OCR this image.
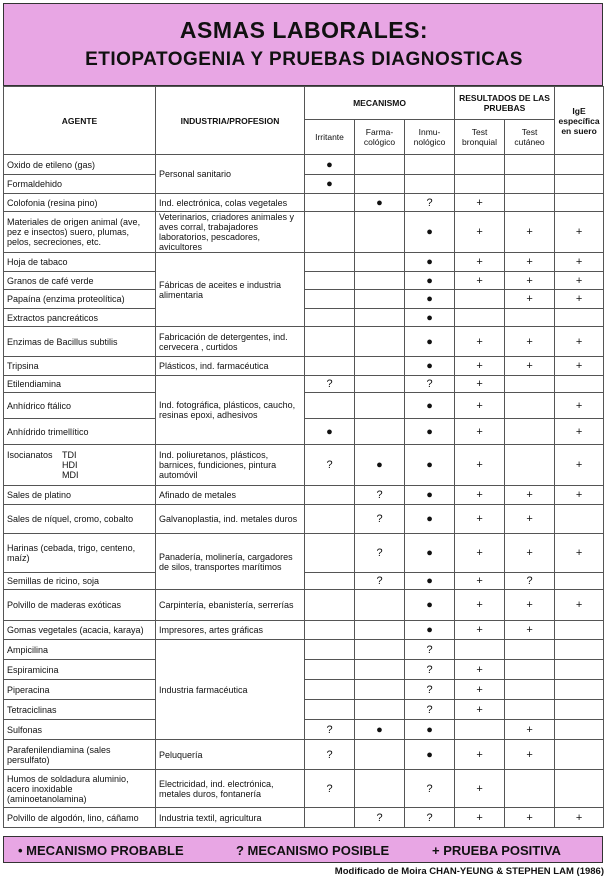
ASMAS LABORALES:
ETIOPATOGENIA Y PRUEBAS DIAGNOSTICAS
AGENTE	INDUSTRIA/PROFESION	MECANISMO			RESULTADOS DE LAS PRUEBAS		IgE específica en suero
		Irritante	Farma-cológico	Inmu-nológico	Test bronquial	Test cutáneo	
Oxido de etileno (gas)	Personal sanitario	●					
Formaldehido		●					
Colofonia (resina pino)	Ind. electrónica, colas vegetales		●	?	+		
Materiales de origen animal (ave, pez e insectos) suero, plumas, pelos, secreciones, etc.	Veterinarios, criadores animales y aves corral, trabajadores laboratorios, pescadores, avicultores			●	+	+	+
Hoja de tabaco	Fábricas de aceites e industria alimentaria			●	+	+	+
Granos de café verde				●	+	+	+
Papaína (enzima proteolítica)				●		+	+
Extractos pancreáticos				●			
Enzimas de Bacillus subtilis	Fabricación de detergentes, ind. cervecera , curtidos			●	+	+	+
Tripsina	Plásticos, ind. farmacéutica			●	+	+	+
Etilendiamina	Ind. fotográfica, plásticos, caucho, resinas epoxi, adhesivos	?		?	+		
Anhídrico ftálico				●	+		+
Anhídrido trimellítico		●		●	+		+

Isocianatos TDI
HDI
MDI	Ind. poliuretanos, plásticos, barnices, fundiciones, pintura automóvil	?	●	●	+		+
Sales de platino	Afinado de metales		?	●	+	+	+
Sales de níquel, cromo, cobalto	Galvanoplastia, ind. metales duros		?	●	+	+	
Harinas (cebada, trigo, centeno, maíz)	Panadería, molinería, cargadores de silos, transportes marítimos		?	●	+	+	+
Semillas de ricino, soja			?	●	+	?	
Polvillo de maderas exóticas	Carpintería, ebanistería, serrerías			●	+	+	+
Gomas vegetales (acacia, karaya)	Impresores, artes gráficas			●	+	+	
Ampicilina	Industria farmacéutica			?			
Espiramicina				?	+		
Piperacina				?	+		
Tetraciclinas				?	+		
Sulfonas		?	●	●		+	
Parafenilendiamina (sales persulfato)	Peluquería	?		●	+	+	
Humos de soldadura aluminio, acero inoxidable (aminoetanolamina)	Electricidad, ind. electrónica, metales duros, fontanería	?		?	+		
Polvillo de algodón, lino, cáñamo	Industria textil, agricultura		?	?	+	+	+
• MECANISMO PROBABLE	? MECANISMO POSIBLE	+ PRUEBA POSITIVA
Modificado de Moira CHAN-YEUNG & STEPHEN LAM (1986)
